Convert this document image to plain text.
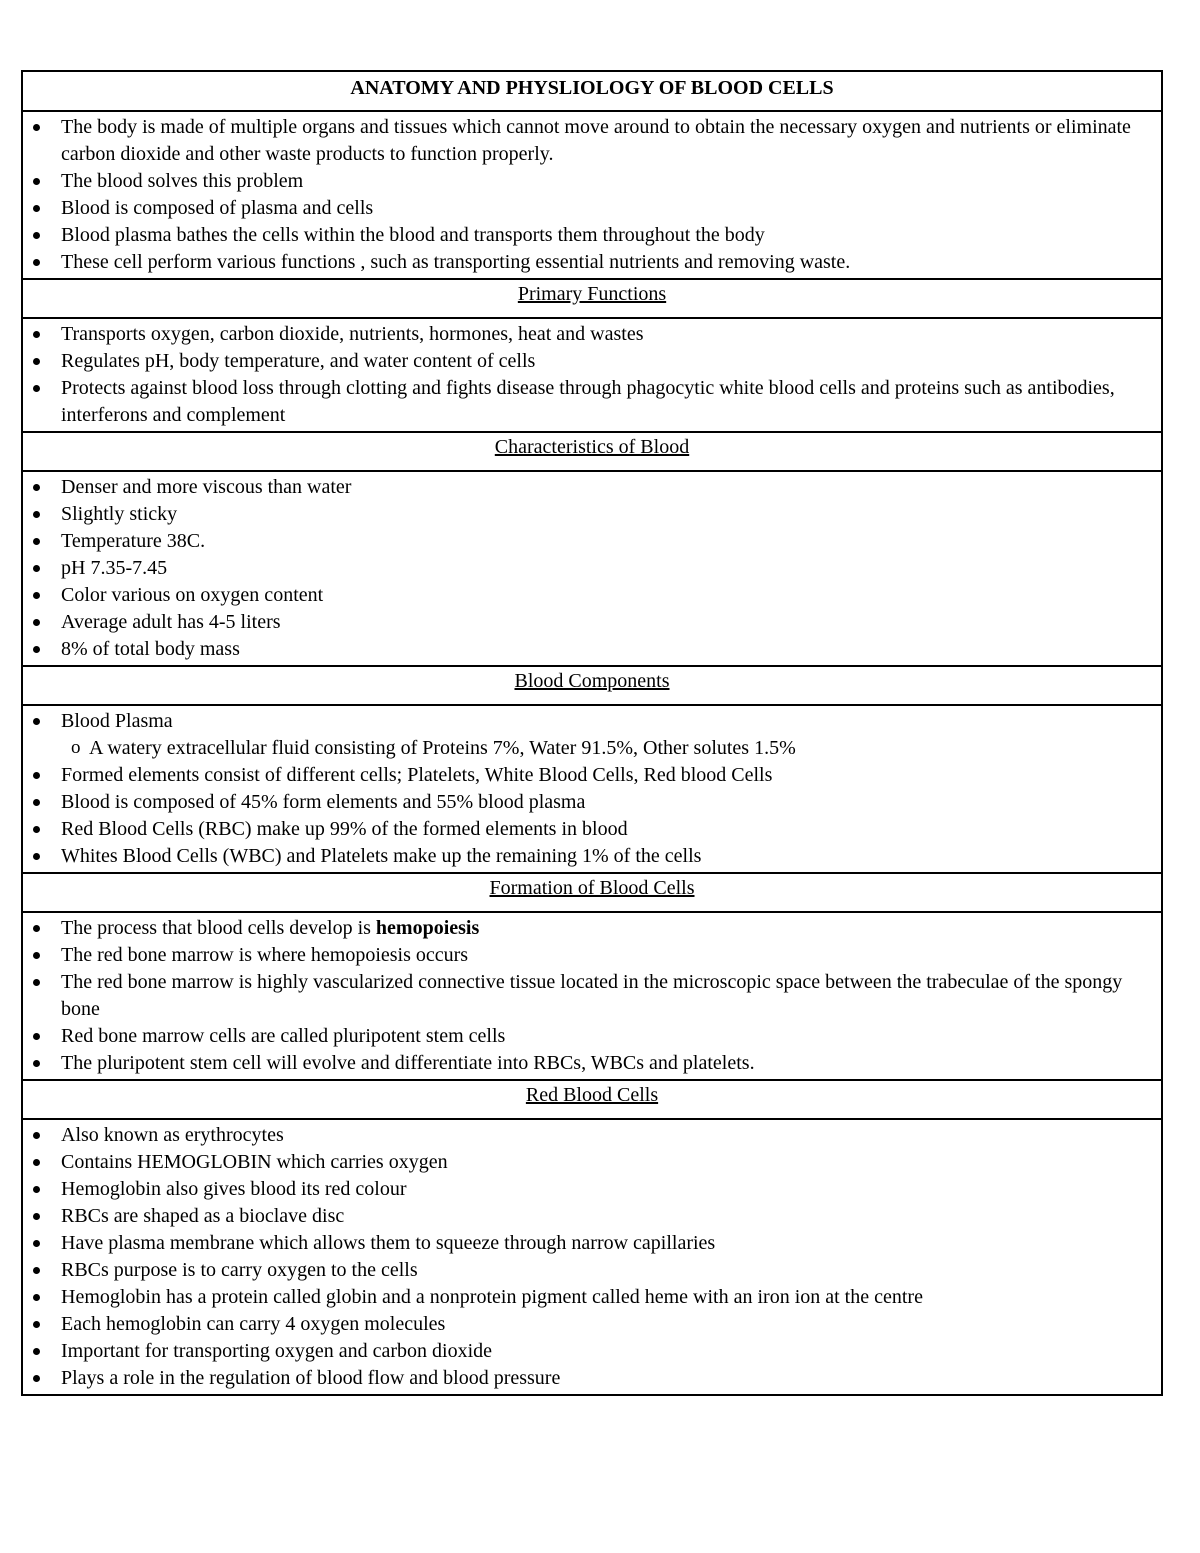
ANATOMY AND PHYSLIOLOGY OF BLOOD CELLS

The body is made of multiple organs and tissues which cannot move around to obtain the necessary oxygen and nutrients or eliminate carbon dioxide and other waste products to function properly.
The blood solves this problem
Blood is composed of plasma and cells
Blood plasma bathes the cells within the blood and transports them throughout the body
These cell perform various functions , such as transporting essential nutrients and removing waste.

Primary Functions

Transports oxygen, carbon dioxide, nutrients, hormones, heat and wastes
Regulates pH, body temperature, and water content of cells
Protects against blood loss through clotting and fights disease through phagocytic white blood cells and proteins such as antibodies, interferons and complement

Characteristics of Blood

Denser and more viscous than water
Slightly sticky
Temperature 38C.
pH 7.35-7.45
Color various on oxygen content
Average adult has 4-5 liters
8% of total body mass

Blood Components

Blood Plasma
o A watery extracellular fluid consisting of Proteins 7%, Water 91.5%, Other solutes 1.5%
Formed elements consist of different cells; Platelets, White Blood Cells, Red blood Cells
Blood is composed of 45% form elements and 55% blood plasma
Red Blood Cells (RBC) make up 99% of the formed elements in blood
Whites Blood Cells (WBC) and Platelets make up the remaining 1% of the cells

Formation of Blood Cells

The process that blood cells develop is hemopoiesis
The red bone marrow is where hemopoiesis occurs
The red bone marrow is highly vascularized connective tissue located in the microscopic space between the trabeculae of the spongy bone
Red bone marrow cells are called pluripotent stem cells
The pluripotent stem cell will evolve and differentiate into RBCs, WBCs and platelets.

Red Blood Cells

Also known as erythrocytes
Contains HEMOGLOBIN which carries oxygen
Hemoglobin also gives blood its red colour
RBCs are shaped as a bioclave disc
Have plasma membrane which allows them to squeeze through narrow capillaries
RBCs purpose is to carry oxygen to the cells
Hemoglobin has a protein called globin and a nonprotein pigment called heme with an iron ion at the centre
Each hemoglobin can carry 4 oxygen molecules
Important for transporting oxygen and carbon dioxide
Plays a role in the regulation of blood flow and blood pressure
